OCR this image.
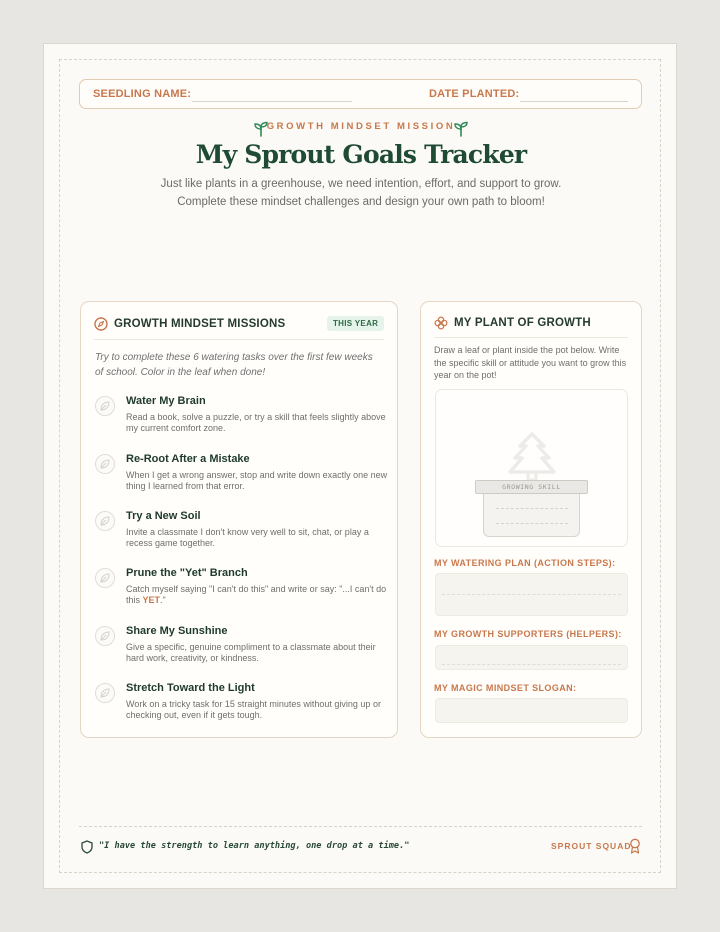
SEEDLING NAME:	DATE PLANTED:
GROWTH MINDSET MISSION
My Sprout Goals Tracker
Just like plants in a greenhouse, we need intention, effort, and support to grow.
Complete these mindset challenges and design your own path to bloom!
GROWTH MINDSET MISSIONS	THIS YEAR
Try to complete these 6 watering tasks over the first few weeks of school. Color in the leaf when done!
Water My Brain
Read a book, solve a puzzle, or try a skill that feels slightly above my current comfort zone.
Re-Root After a Mistake
When I get a wrong answer, stop and write down exactly one new thing I learned from that error.
Try a New Soil
Invite a classmate I don't know very well to sit, chat, or play a recess game together.
Prune the "Yet" Branch
Catch myself saying "I can't do this" and write or say: "...I can't do this YET."
Share My Sunshine
Give a specific, genuine compliment to a classmate about their hard work, creativity, or kindness.
Stretch Toward the Light
Work on a tricky task for 15 straight minutes without giving up or checking out, even if it gets tough.
MY PLANT OF GROWTH
Draw a leaf or plant inside the pot below. Write the specific skill or attitude you want to grow this year on the pot!
GROWING SKILL
MY WATERING PLAN (ACTION STEPS):
MY GROWTH SUPPORTERS (HELPERS):
MY MAGIC MINDSET SLOGAN:
"I have the strength to learn anything, one drop at a time."	SPROUT SQUAD
